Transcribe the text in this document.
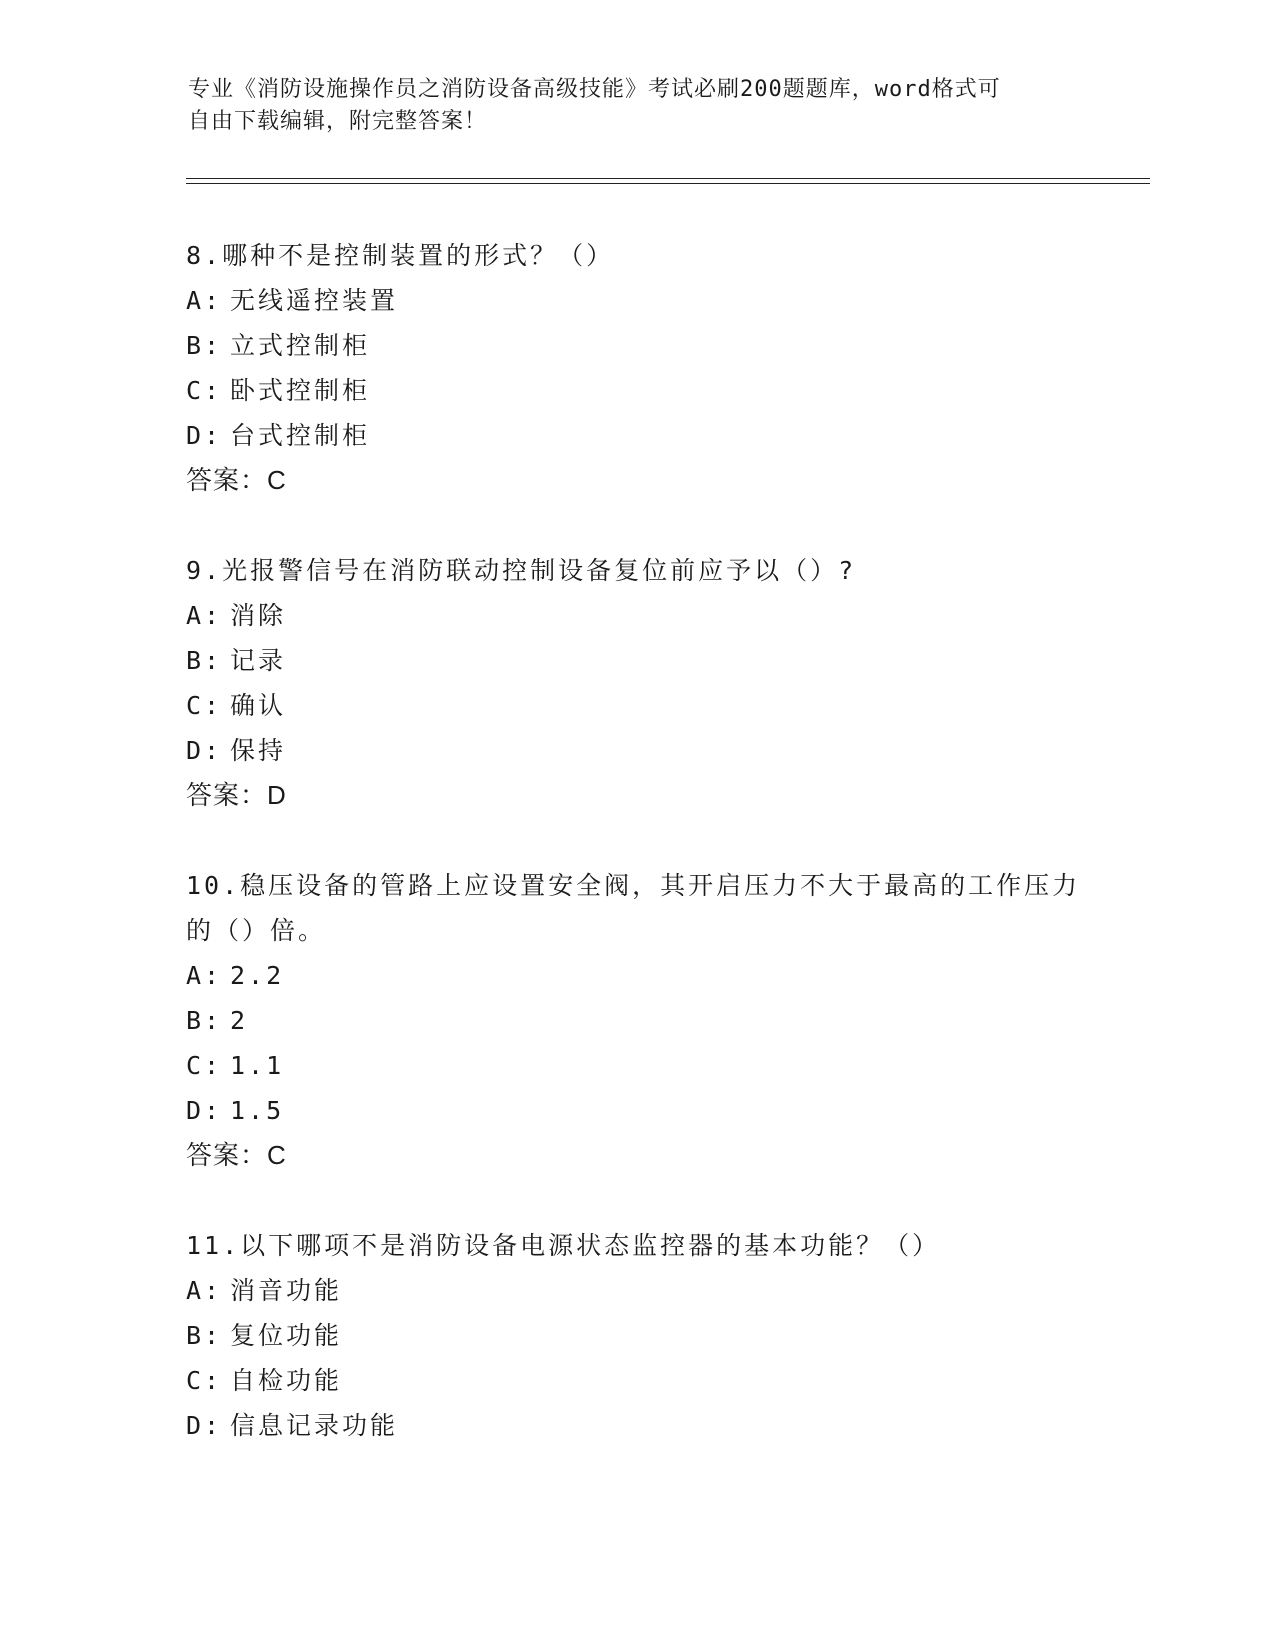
专业《消防设施操作员之消防设备高级技能》考试必刷200题题库，word格式可
自由下载编辑，附完整答案！
8.哪种不是控制装置的形式？（）
A: 无线遥控装置
B: 立式控制柜
C: 卧式控制柜
D: 台式控制柜
答案：C
9.光报警信号在消防联动控制设备复位前应予以（）?
A: 消除
B: 记录
C: 确认
D: 保持
答案：D
10.稳压设备的管路上应设置安全阀，其开启压力不大于最高的工作压力的（）倍。
A: 2.2
B: 2
C: 1.1
D: 1.5
答案：C
11.以下哪项不是消防设备电源状态监控器的基本功能？（）
A: 消音功能
B: 复位功能
C: 自检功能
D: 信息记录功能
